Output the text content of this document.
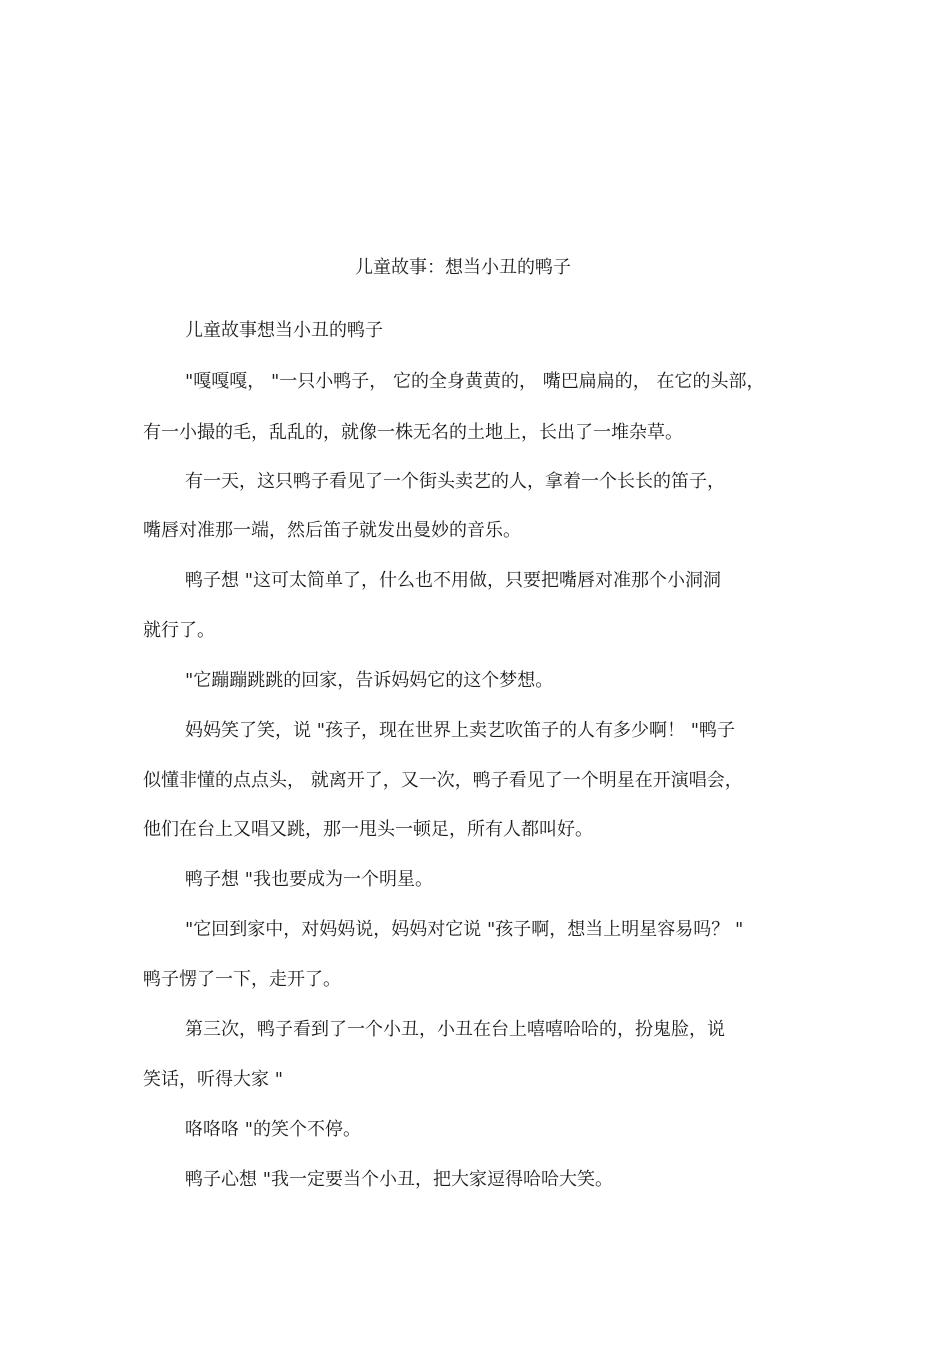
儿童故事：想当小丑的鸭子
儿童故事想当小丑的鸭子
"嘎嘎嘎， "一只小鸭子， 它的全身黄黄的， 嘴巴扁扁的， 在它的头部，
有一小撮的毛，乱乱的，就像一株无名的土地上，长出了一堆杂草。
有一天，这只鸭子看见了一个街头卖艺的人，拿着一个长长的笛子，
嘴唇对准那一端，然后笛子就发出曼妙的音乐。
鸭子想 "这可太简单了，什么也不用做，只要把嘴唇对准那个小洞洞
就行了。
"它蹦蹦跳跳的回家，告诉妈妈它的这个梦想。
妈妈笑了笑，说 "孩子，现在世界上卖艺吹笛子的人有多少啊！ "鸭子
似懂非懂的点点头， 就离开了，又一次，鸭子看见了一个明星在开演唱会，
他们在台上又唱又跳，那一甩头一顿足，所有人都叫好。
鸭子想 "我也要成为一个明星。
"它回到家中，对妈妈说，妈妈对它说 "孩子啊，想当上明星容易吗？ "
鸭子愣了一下，走开了。
第三次，鸭子看到了一个小丑，小丑在台上嘻嘻哈哈的，扮鬼脸，说
笑话，听得大家 "
咯咯咯 "的笑个不停。
鸭子心想 "我一定要当个小丑，把大家逗得哈哈大笑。
